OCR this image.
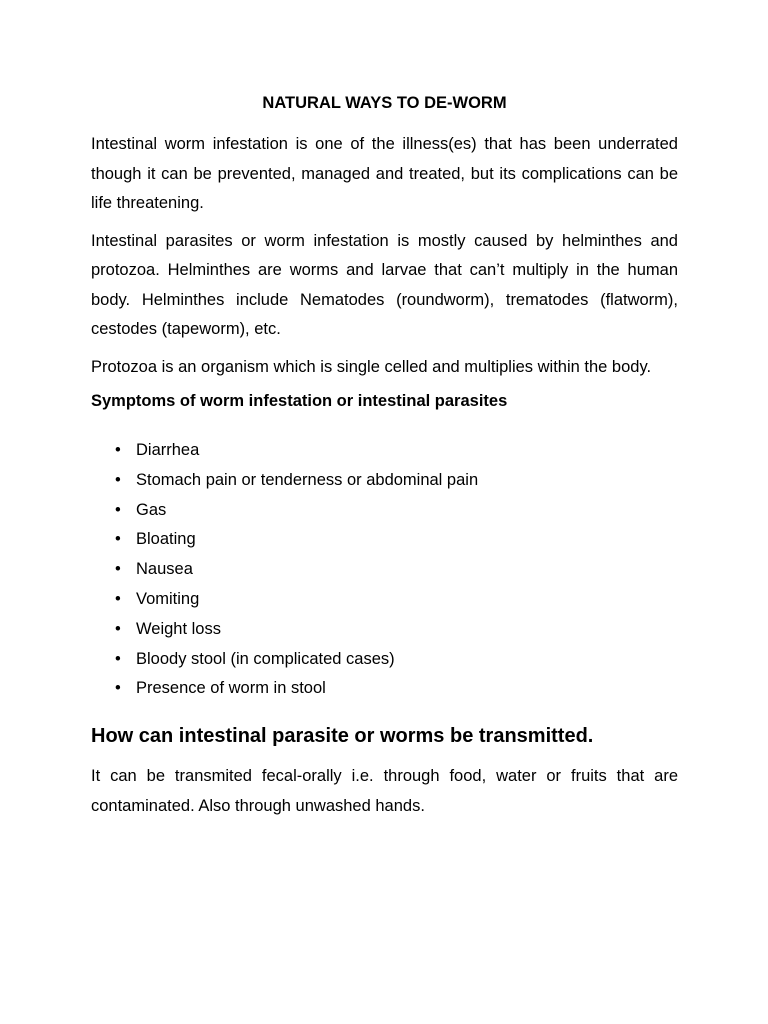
NATURAL WAYS TO DE-WORM

Intestinal worm infestation is one of the illness(es) that has been underrated though it can be prevented, managed and treated, but its complications can be life threatening.

Intestinal parasites or worm infestation is mostly caused by helminthes and protozoa. Helminthes are worms and larvae that can’t multiply in the human body. Helminthes include Nematodes (roundworm), trematodes (flatworm), cestodes (tapeworm), etc.

Protozoa is an organism which is single celled and multiplies within the body.

Symptoms of worm infestation or intestinal parasites
• Diarrhea
• Stomach pain or tenderness or abdominal pain
• Gas
• Bloating
• Nausea
• Vomiting
• Weight loss
• Bloody stool (in complicated cases)
• Presence of worm in stool
How can intestinal parasite or worms be transmitted.

It can be transmited fecal-orally i.e. through food, water or fruits that are contaminated. Also through unwashed hands.
